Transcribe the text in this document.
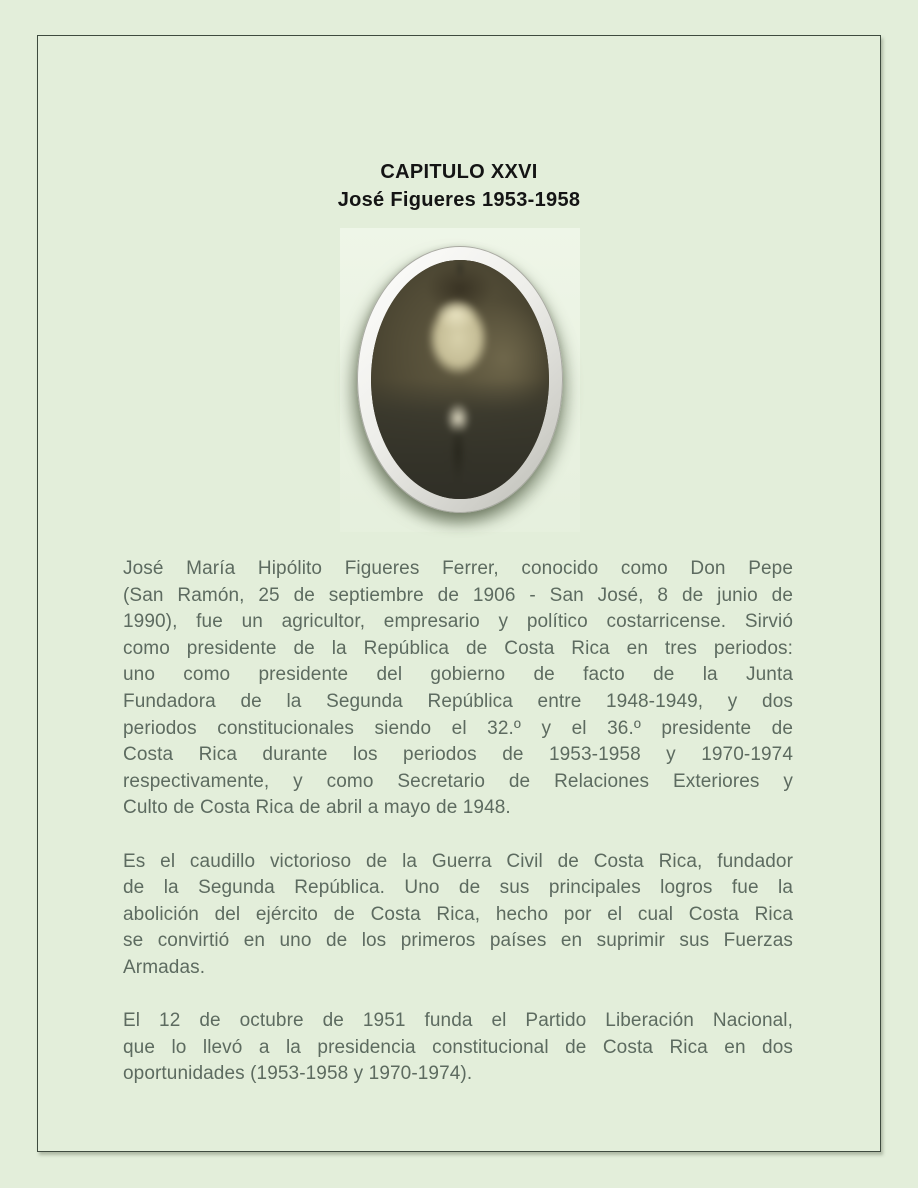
CAPITULO XXVI
José Figueres 1953-1958
José María Hipólito Figueres Ferrer, conocido como Don Pepe
(San Ramón, 25 de septiembre de 1906 - San José, 8 de junio de
1990), fue un agricultor, empresario y político costarricense. Sirvió
como presidente de la República de Costa Rica en tres periodos:
uno como presidente del gobierno de facto de la Junta
Fundadora de la Segunda República entre 1948-1949, y dos
periodos constitucionales siendo el 32.º y el 36.º presidente de
Costa Rica durante los periodos de 1953-1958 y 1970-1974
respectivamente, y como Secretario de Relaciones Exteriores y
Culto de Costa Rica de abril a mayo de 1948.
Es el caudillo victorioso de la Guerra Civil de Costa Rica, fundador
de la Segunda República. Uno de sus principales logros fue la
abolición del ejército de Costa Rica, hecho por el cual Costa Rica
se convirtió en uno de los primeros países en suprimir sus Fuerzas
Armadas.
El 12 de octubre de 1951 funda el Partido Liberación Nacional,
que lo llevó a la presidencia constitucional de Costa Rica en dos
oportunidades (1953-1958 y 1970-1974).
